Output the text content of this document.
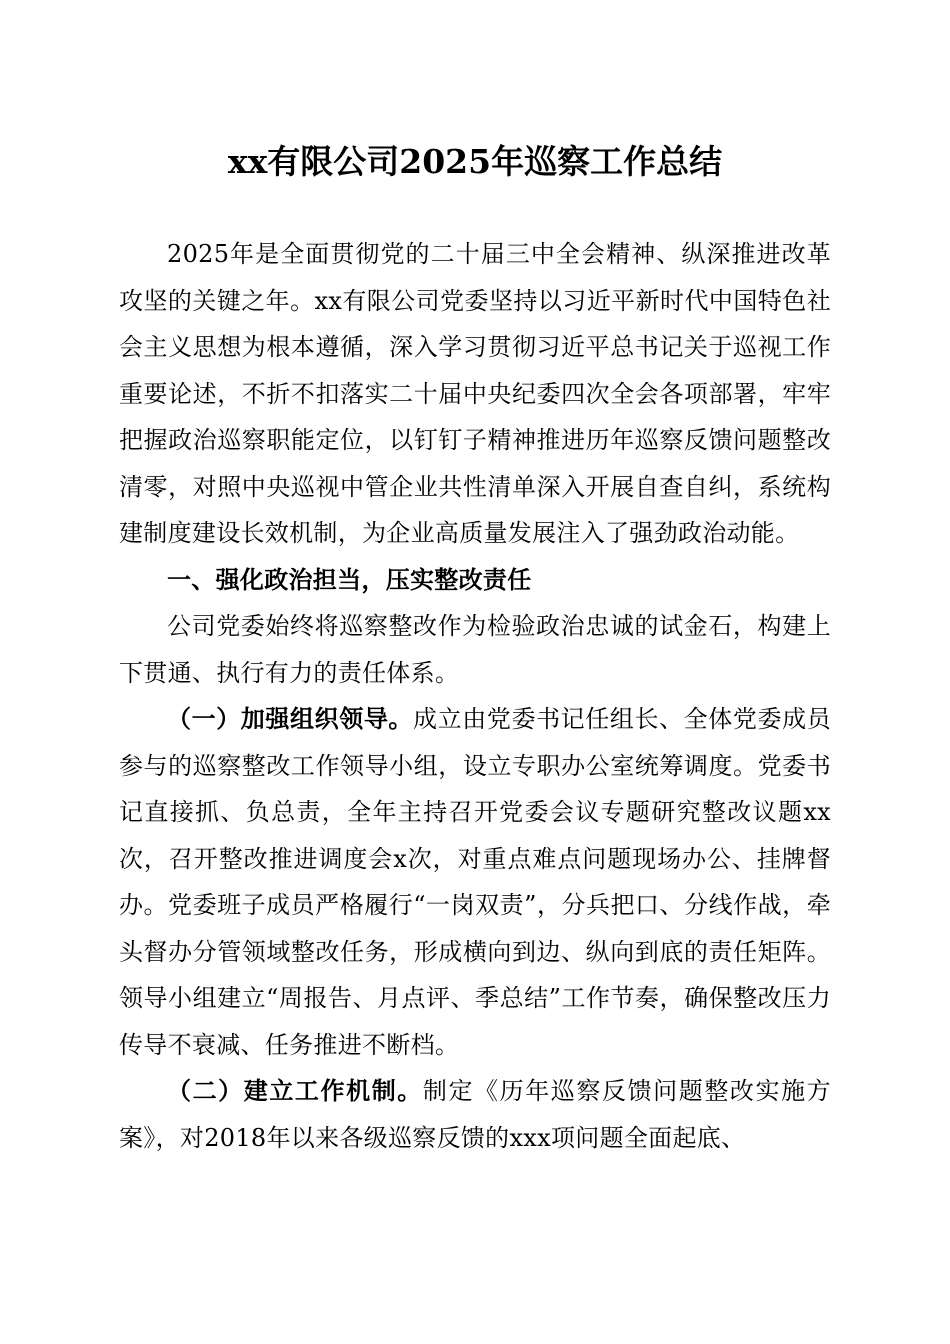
xx有限公司2025年巡察工作总结

2025年是全面贯彻党的二十届三中全会精神、纵深推进改革攻坚的关键之年。xx有限公司党委坚持以习近平新时代中国特色社会主义思想为根本遵循，深入学习贯彻习近平总书记关于巡视工作重要论述，不折不扣落实二十届中央纪委四次全会各项部署，牢牢把握政治巡察职能定位，以钉钉子精神推进历年巡察反馈问题整改清零，对照中央巡视中管企业共性清单深入开展自查自纠，系统构建制度建设长效机制，为企业高质量发展注入了强劲政治动能。

一、强化政治担当，压实整改责任

公司党委始终将巡察整改作为检验政治忠诚的试金石，构建上下贯通、执行有力的责任体系。

（一）加强组织领导。成立由党委书记任组长、全体党委成员参与的巡察整改工作领导小组，设立专职办公室统筹调度。党委书记直接抓、负总责，全年主持召开党委会议专题研究整改议题xx次，召开整改推进调度会x次，对重点难点问题现场办公、挂牌督办。党委班子成员严格履行“一岗双责”，分兵把口、分线作战，牵头督办分管领域整改任务，形成横向到边、纵向到底的责任矩阵。领导小组建立“周报告、月点评、季总结”工作节奏，确保整改压力传导不衰减、任务推进不断档。

（二）建立工作机制。制定《历年巡察反馈问题整改实施方案》，对2018年以来各级巡察反馈的xxx项问题全面起底、
